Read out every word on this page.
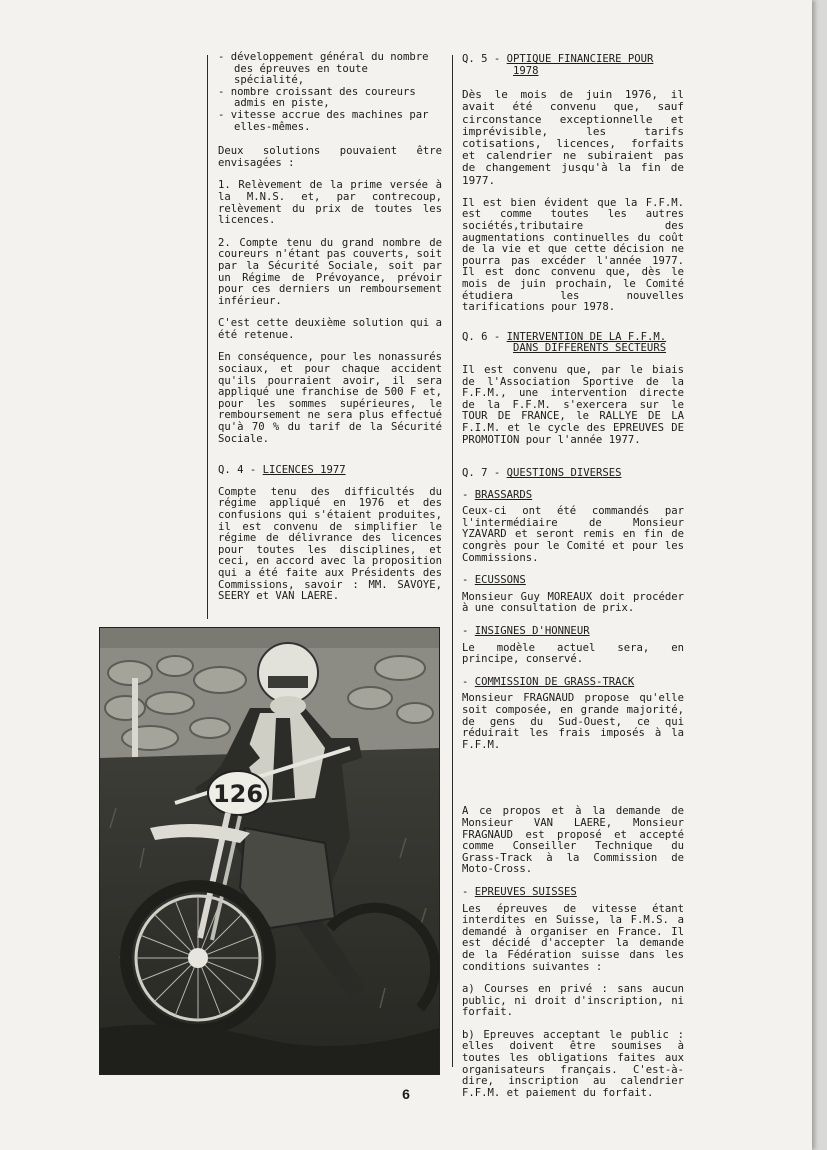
- développement général du nombre des épreuves en toute spécialité,
- nombre croissant des coureurs admis en piste,
- vitesse accrue des machines par elles-mêmes.

Deux solutions pouvaient être envisagées :

1. Relèvement de la prime versée à la M.N.S. et, par contrecoup, relèvement du prix de toutes les licences.

2. Compte tenu du grand nombre de coureurs n'étant pas couverts, soit par la Sécurité Sociale, soit par un Régime de Prévoyance, prévoir pour ces derniers un remboursement inférieur.

C'est cette deuxième solution qui a été retenue.

En conséquence, pour les nonassurés sociaux, et pour chaque accident qu'ils pourraient avoir, il sera appliqué une franchise de 500 F et, pour les sommes supérieures, le remboursement ne sera plus effectué qu'à 70 % du tarif de la Sécurité Sociale.

Q. 4 - LICENCES 1977

Compte tenu des difficultés du régime appliqué en 1976 et des confusions qui s'étaient produites, il est convenu de simplifier le régime de délivrance des licences pour toutes les disciplines, et ceci, en accord avec la proposition qui a été faite aux Présidents des Commissions, savoir : MM. SAVOYE, SEERY et VAN LAERE.

126
Q. 5 - OPTIQUE FINANCIERE POUR
1978

Dès le mois de juin 1976, il avait été convenu que, sauf circonstance exceptionnelle et imprévisible, les tarifs cotisations, licences, forfaits et calendrier ne subiraient pas de changement jusqu'à la fin de 1977.

Il est bien évident que la F.F.M. est comme toutes les autres sociétés,tributaire des augmentations continuelles du coût de la vie et que cette décision ne pourra pas excéder l'année 1977. Il est donc convenu que, dès le mois de juin prochain, le Comité étudiera les nouvelles tarifications pour 1978.

Q. 6 - INTERVENTION DE LA F.F.M.
DANS DIFFERENTS SECTEURS

Il est convenu que, par le biais de l'Association Sportive de la F.F.M., une intervention directe de la F.F.M. s'exercera sur le TOUR DE FRANCE, le RALLYE DE LA F.I.M. et le cycle des EPREUVES DE PROMOTION pour l'année 1977.

Q. 7 - QUESTIONS DIVERSES
- BRASSARDS

Ceux-ci ont été commandés par l'intermédiaire de Monsieur YZAVARD et seront remis en fin de congrès pour le Comité et pour les Commissions.

- ECUSSONS

Monsieur Guy MOREAUX doit procéder à une consultation de prix.

- INSIGNES D'HONNEUR

Le modèle actuel sera, en principe, conservé.

- COMMISSION DE GRASS-TRACK

Monsieur FRAGNAUD propose qu'elle soit composée, en grande majorité, de gens du Sud-Ouest, ce qui réduirait les frais imposés à la F.F.M.

A ce propos et à la demande de Monsieur VAN LAERE, Monsieur FRAGNAUD est proposé et accepté comme Conseiller Technique du Grass-Track à la Commission de Moto-Cross.

- EPREUVES SUISSES

Les épreuves de vitesse étant interdites en Suisse, la F.M.S. a demandé à organiser en France. Il est décidé d'accepter la demande de la Fédération suisse dans les conditions suivantes :

a) Courses en privé : sans aucun public, ni droit d'inscription, ni forfait.

b) Epreuves acceptant le public : elles doivent être soumises à toutes les obligations faites aux organisateurs français. C'est-à-dire, inscription au calendrier F.F.M. et paiement du forfait.

6
